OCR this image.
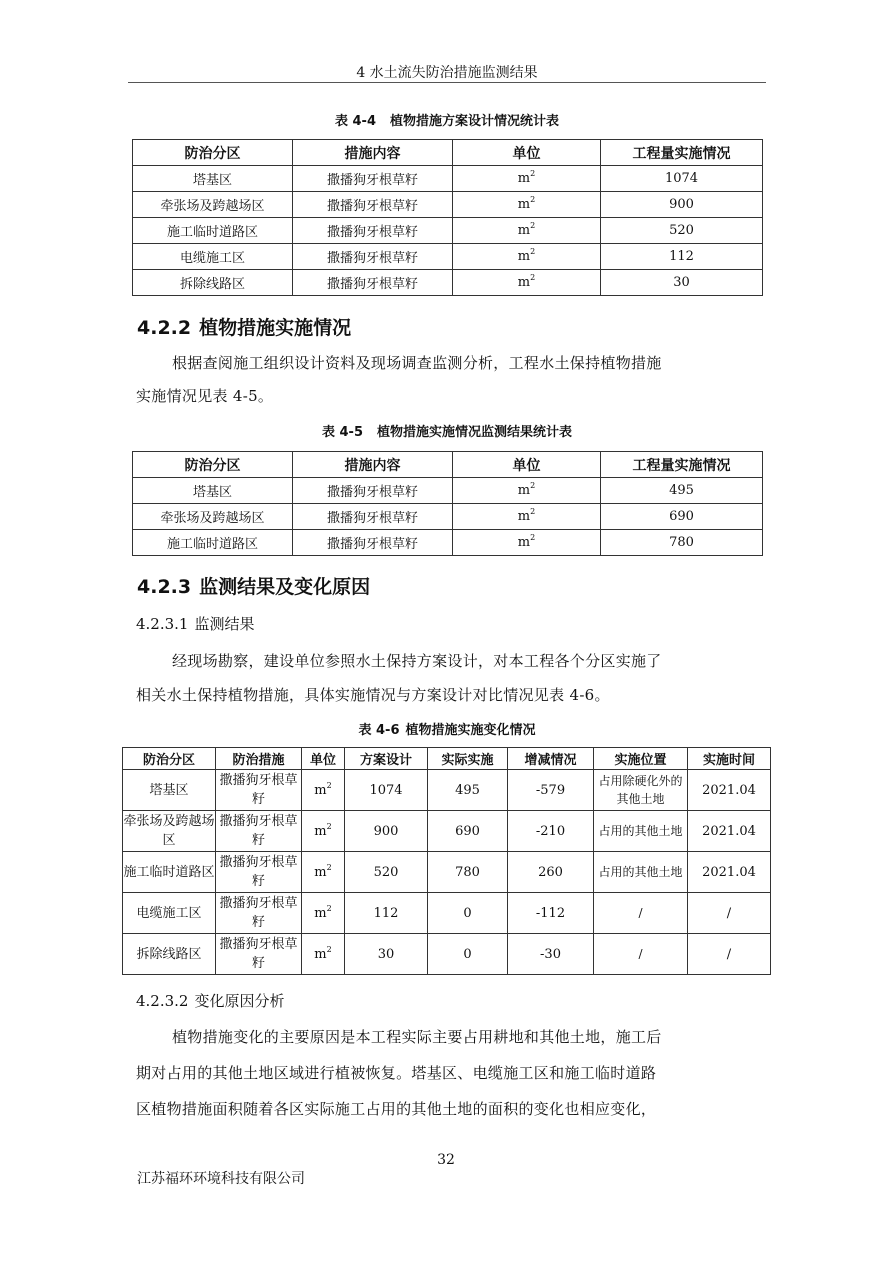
4 水土流失防治措施监测结果
表 4-4 植物措施方案设计情况统计表
防治分区	措施内容	单位	工程量实施情况
塔基区	撒播狗牙根草籽	$m^2$	1074
牵张场及跨越场区	撒播狗牙根草籽	$m^2$	900
施工临时道路区	撒播狗牙根草籽	$m^2$	520
电缆施工区	撒播狗牙根草籽	$m^2$	112
拆除线路区	撒播狗牙根草籽	$m^2$	30
4.2.2 植物措施实施情况
根据查阅施工组织设计资料及现场调查监测分析，工程水土保持植物措施
实施情况见表 4-5。
表 4-5 植物措施实施情况监测结果统计表
防治分区	措施内容	单位	工程量实施情况
塔基区	撒播狗牙根草籽	$m^2$	495
牵张场及跨越场区	撒播狗牙根草籽	$m^2$	690
施工临时道路区	撒播狗牙根草籽	$m^2$	780
4.2.3 监测结果及变化原因
4.2.3.1 监测结果
经现场勘察，建设单位参照水土保持方案设计，对本工程各个分区实施了
相关水土保持植物措施，具体实施情况与方案设计对比情况见表 4-6。
表 4-6 植物措施实施变化情况
防治分区	防治措施	单位	方案设计	实际实施	增减情况	实施位置	实施时间
塔基区	撒播狗牙根草籽	$m^2$	1074	495	-579	占用除硬化外的其他土地	2021.04
牵张场及跨越场区	撒播狗牙根草籽	$m^2$	900	690	-210	占用的其他土地	2021.04
施工临时道路区	撒播狗牙根草籽	$m^2$	520	780	260	占用的其他土地	2021.04
电缆施工区	撒播狗牙根草籽	$m^2$	112	0	-112	/	/
拆除线路区	撒播狗牙根草籽	$m^2$	30	0	-30	/	/
4.2.3.2 变化原因分析
植物措施变化的主要原因是本工程实际主要占用耕地和其他土地，施工后
期对占用的其他土地区域进行植被恢复。塔基区、电缆施工区和施工临时道路
区植物措施面积随着各区实际施工占用的其他土地的面积的变化也相应变化，
32
江苏福环环境科技有限公司
